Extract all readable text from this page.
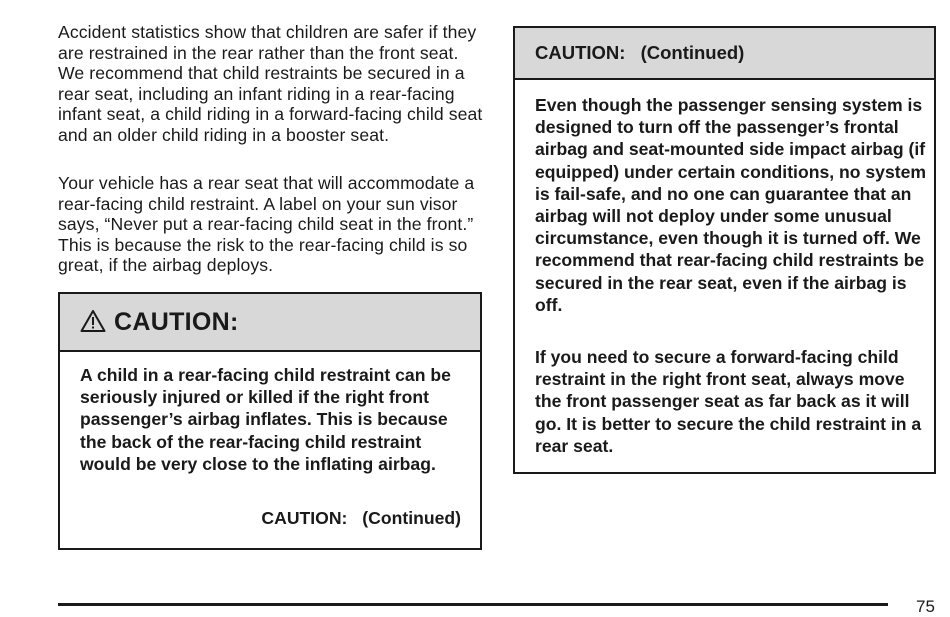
Accident statistics show that children are safer if they are restrained in the rear rather than the front seat. We recommend that child restraints be secured in a rear seat, including an infant riding in a rear-facing infant seat, a child riding in a forward-facing child seat and an older child riding in a booster seat.

Your vehicle has a rear seat that will accommodate a rear-facing child restraint. A label on your sun visor says, “Never put a rear-facing child seat in the front.” This is because the risk to the rear-facing child is so great, if the airbag deploys.

CAUTION:

A child in a rear-facing child restraint can be seriously injured or killed if the right front passenger’s airbag inflates. This is because the back of the rear-facing child restraint would be very close to the inflating airbag.

CAUTION: (Continued)
CAUTION: (Continued)

Even though the passenger sensing system is designed to turn off the passenger’s frontal airbag and seat-mounted side impact airbag (if equipped) under certain conditions, no system is fail-safe, and no one can guarantee that an airbag will not deploy under some unusual circumstance, even though it is turned off. We recommend that rear-facing child restraints be secured in the rear seat, even if the airbag is off.

If you need to secure a forward-facing child restraint in the right front seat, always move the front passenger seat as far back as it will go. It is better to secure the child restraint in a rear seat.

75
